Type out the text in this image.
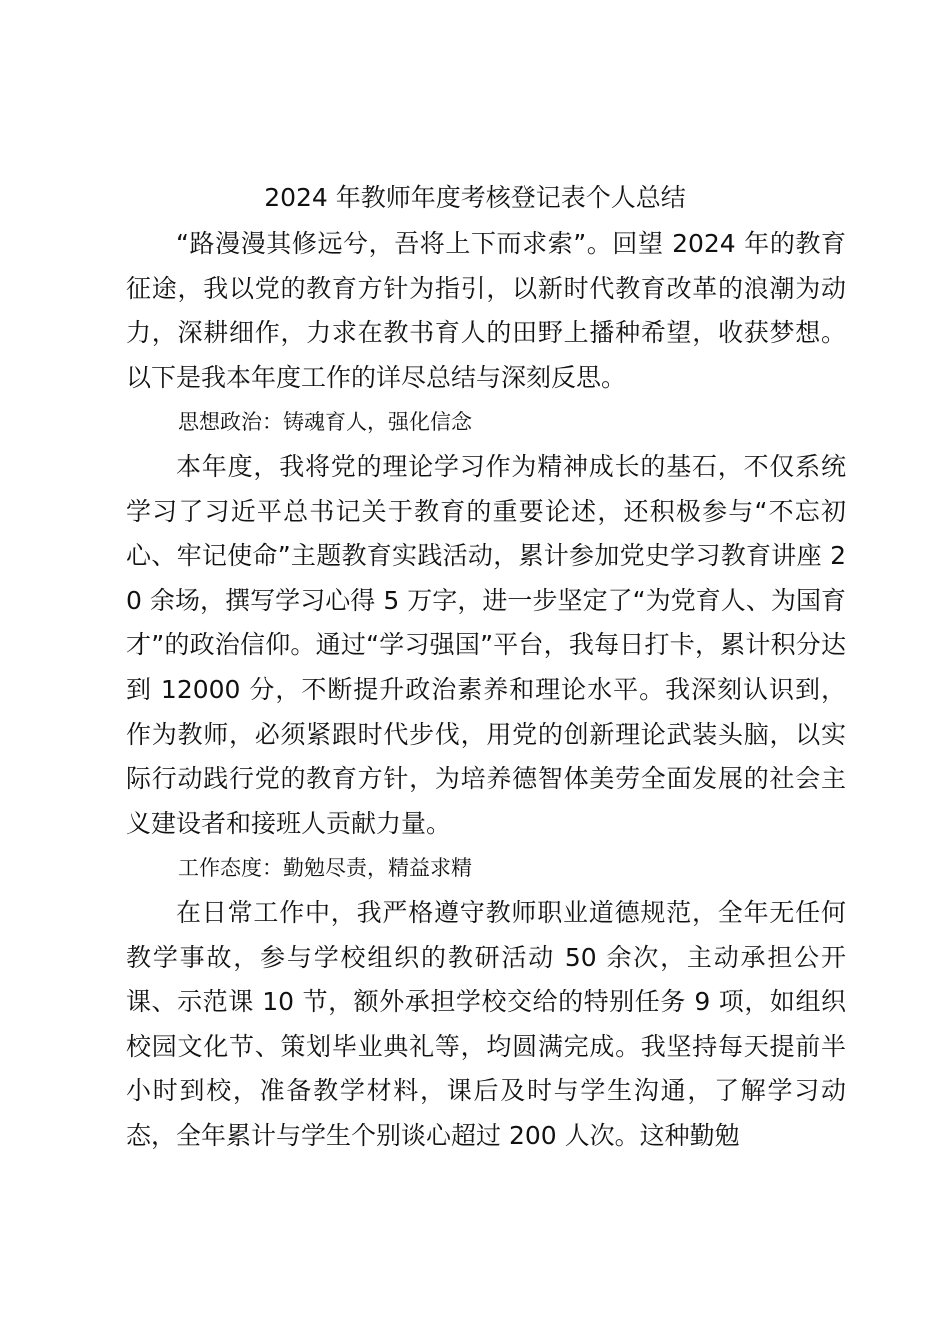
2024 年教师年度考核登记表个人总结

“路漫漫其修远兮，吾将上下而求索”。回望 2024 年的教育征途，我以党的教育方针为指引，以新时代教育改革的浪潮为动力，深耕细作，力求在教书育人的田野上播种希望，收获梦想。以下是我本年度工作的详尽总结与深刻反思。

思想政治：铸魂育人，强化信念

本年度，我将党的理论学习作为精神成长的基石，不仅系统学习了习近平总书记关于教育的重要论述，还积极参与“不忘初心、牢记使命”主题教育实践活动，累计参加党史学习教育讲座 20 余场，撰写学习心得 5 万字，进一步坚定了“为党育人、为国育才”的政治信仰。通过“学习强国”平台，我每日打卡，累计积分达到 12000 分，不断提升政治素养和理论水平。我深刻认识到，作为教师，必须紧跟时代步伐，用党的创新理论武装头脑，以实际行动践行党的教育方针，为培养德智体美劳全面发展的社会主义建设者和接班人贡献力量。

工作态度：勤勉尽责，精益求精

在日常工作中，我严格遵守教师职业道德规范，全年无任何教学事故，参与学校组织的教研活动 50 余次，主动承担公开课、示范课 10 节，额外承担学校交给的特别任务 9 项，如组织校园文化节、策划毕业典礼等，均圆满完成。我坚持每天提前半小时到校，准备教学材料，课后及时与学生沟通，了解学习动态，全年累计与学生个别谈心超过 200 人次。这种勤勉
